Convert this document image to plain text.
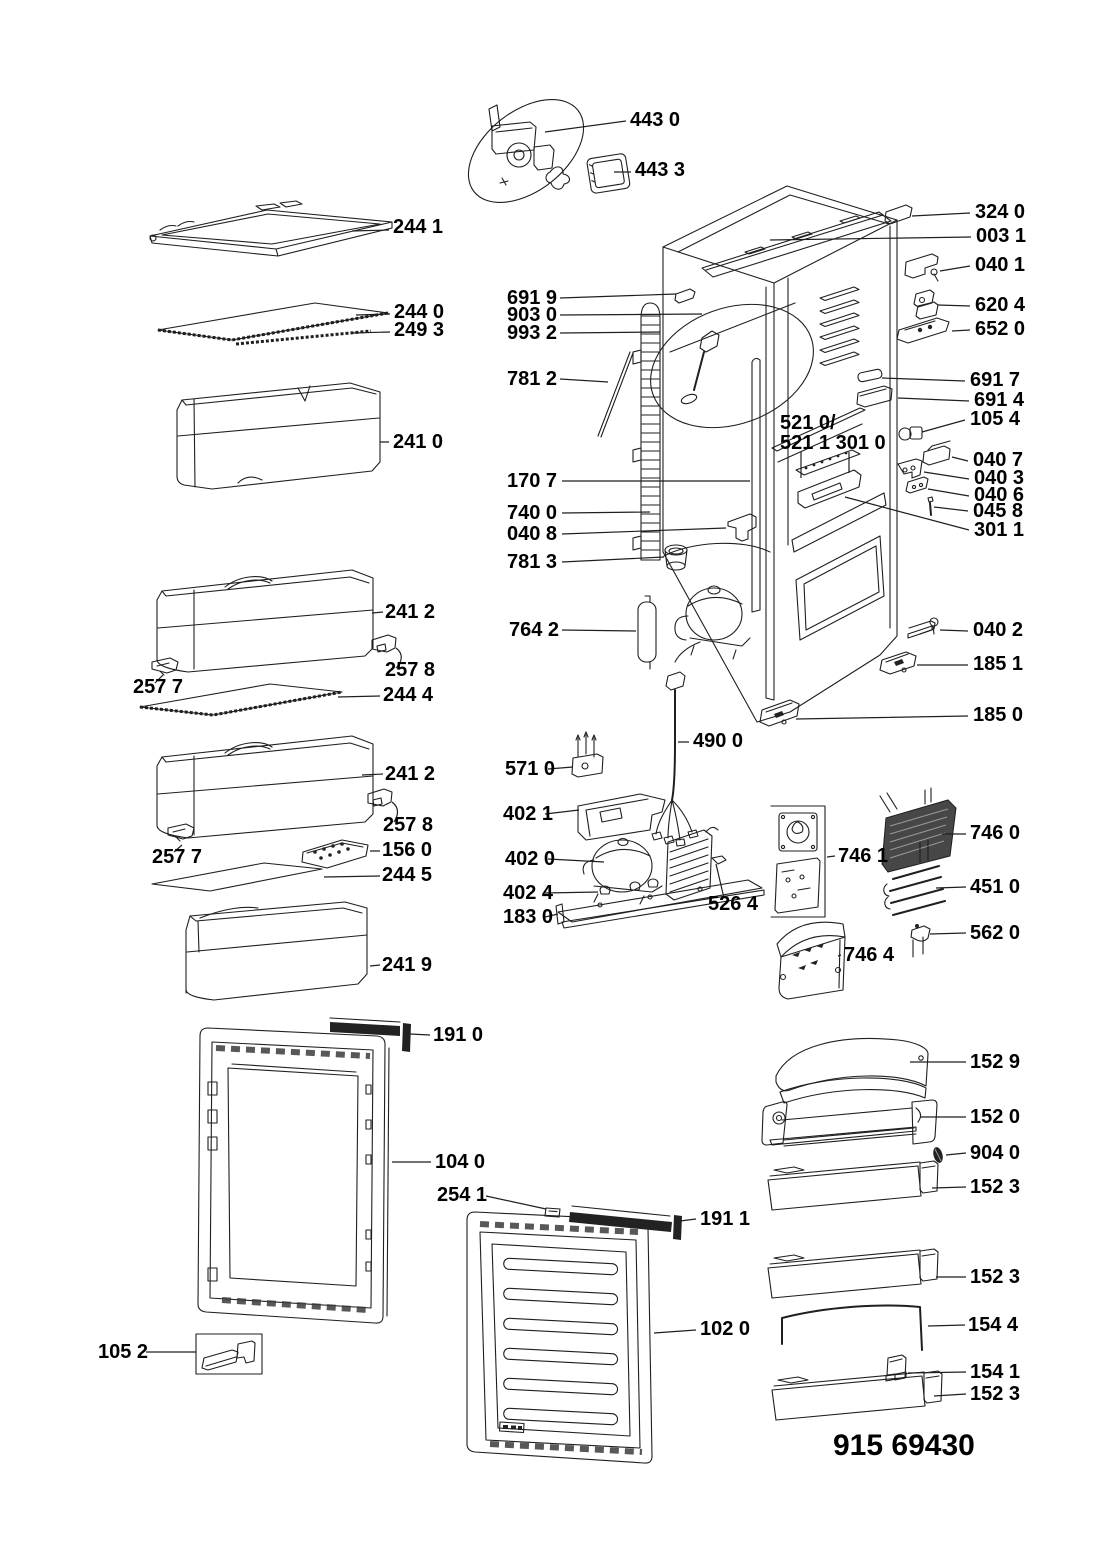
443 0
443 3
244 1
244 0
249 3
241 0
241 2
257 8
257 7	244 4
241 2
257 8
257 7	156 0
244 5
241 9
691 9
903 0
993 2
781 2
170 7
740 0
040 8
781 3
764 2
324 0
003 1
040 1
620 4
652 0
691 7
691 4
105 4
040 7
040 3
040 6
045 8
301 1
040 2
185 1
185 0
521 0/
521 1 301 0
490 0
571 0
402 1
402 0
402 4
183 0
526 4
746 1
746 0
451 0
562 0
746 4
191 0
104 0
105 2
254 1
191 1
102 0
152 9
152 0
904 0
152 3
152 3
154 4
154 1
152 3
915 69430
